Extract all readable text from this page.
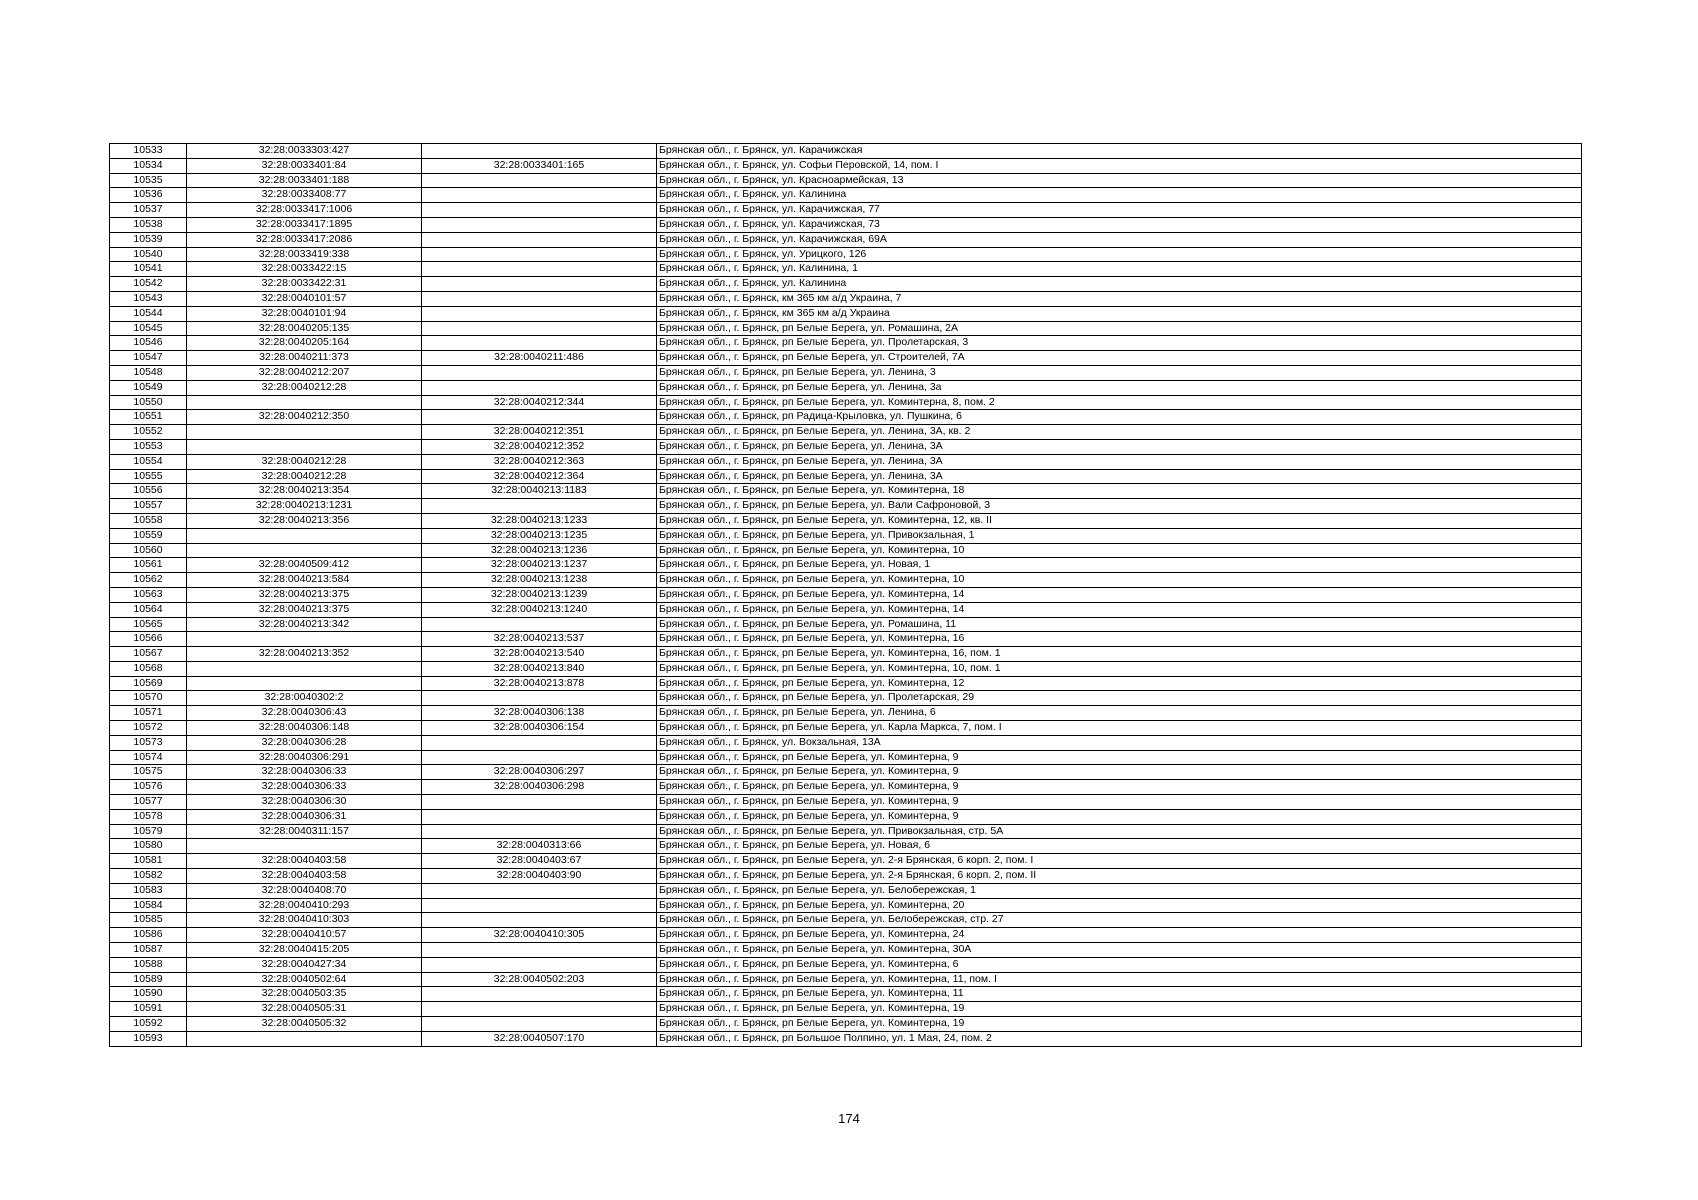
10533	32:28:0033303:427		Брянская обл., г. Брянск, ул. Карачижская
10534	32:28:0033401:84	32:28:0033401:165	Брянская обл., г. Брянск, ул. Софьи Перовской, 14, пом. I
10535	32:28:0033401:188		Брянская обл., г. Брянск, ул. Красноармейская, 13
10536	32:28:0033408:77		Брянская обл., г. Брянск, ул. Калинина
10537	32:28:0033417:1006		Брянская обл., г. Брянск, ул. Карачижская, 77
10538	32:28:0033417:1895		Брянская обл., г. Брянск, ул. Карачижская, 73
10539	32:28:0033417:2086		Брянская обл., г. Брянск, ул. Карачижская, 69А
10540	32:28:0033419:338		Брянская обл., г. Брянск, ул. Урицкого, 126
10541	32:28:0033422:15		Брянская обл., г. Брянск, ул. Калинина, 1
10542	32:28:0033422:31		Брянская обл., г. Брянск, ул. Калинина
10543	32:28:0040101:57		Брянская обл., г. Брянск, км 365 км а/д Украина, 7
10544	32:28:0040101:94		Брянская обл., г. Брянск, км 365 км а/д Украина
10545	32:28:0040205:135		Брянская обл., г. Брянск, рп Белые Берега, ул. Ромашина, 2А
10546	32:28:0040205:164		Брянская обл., г. Брянск, рп Белые Берега, ул. Пролетарская, 3
10547	32:28:0040211:373	32:28:0040211:486	Брянская обл., г. Брянск, рп Белые Берега, ул. Строителей, 7А
10548	32:28:0040212:207		Брянская обл., г. Брянск, рп Белые Берега, ул. Ленина, 3
10549	32:28:0040212:28		Брянская обл., г. Брянск, рп Белые Берега, ул. Ленина, 3а
10550		32:28:0040212:344	Брянская обл., г. Брянск, рп Белые Берега, ул. Коминтерна, 8, пом. 2
10551	32:28:0040212:350		Брянская обл., г. Брянск, рп Радица-Крыловка, ул. Пушкина, 6
10552		32:28:0040212:351	Брянская обл., г. Брянск, рп Белые Берега, ул. Ленина, 3А, кв. 2
10553		32:28:0040212:352	Брянская обл., г. Брянск, рп Белые Берега, ул. Ленина, 3А
10554	32:28:0040212:28	32:28:0040212:363	Брянская обл., г. Брянск, рп Белые Берега, ул. Ленина, 3А
10555	32:28:0040212:28	32:28:0040212:364	Брянская обл., г. Брянск, рп Белые Берега, ул. Ленина, 3А
10556	32:28:0040213:354	32:28:0040213:1183	Брянская обл., г. Брянск, рп Белые Берега, ул. Коминтерна, 18
10557	32:28:0040213:1231		Брянская обл., г. Брянск, рп Белые Берега, ул. Вали Сафроновой, 3
10558	32:28:0040213:356	32:28:0040213:1233	Брянская обл., г. Брянск, рп Белые Берега, ул. Коминтерна, 12, кв. II
10559		32:28:0040213:1235	Брянская обл., г. Брянск, рп Белые Берега, ул. Привокзальная, 1
10560		32:28:0040213:1236	Брянская обл., г. Брянск, рп Белые Берега, ул. Коминтерна, 10
10561	32:28:0040509:412	32:28:0040213:1237	Брянская обл., г. Брянск, рп Белые Берега, ул. Новая, 1
10562	32:28:0040213:584	32:28:0040213:1238	Брянская обл., г. Брянск, рп Белые Берега, ул. Коминтерна, 10
10563	32:28:0040213:375	32:28:0040213:1239	Брянская обл., г. Брянск, рп Белые Берега, ул. Коминтерна, 14
10564	32:28:0040213:375	32:28:0040213:1240	Брянская обл., г. Брянск, рп Белые Берега, ул. Коминтерна, 14
10565	32:28:0040213:342		Брянская обл., г. Брянск, рп Белые Берега, ул. Ромашина, 11
10566		32:28:0040213:537	Брянская обл., г. Брянск, рп Белые Берега, ул. Коминтерна, 16
10567	32:28:0040213:352	32:28:0040213:540	Брянская обл., г. Брянск, рп Белые Берега, ул. Коминтерна, 16, пом. 1
10568		32:28:0040213:840	Брянская обл., г. Брянск, рп Белые Берега, ул. Коминтерна, 10, пом. 1
10569		32:28:0040213:878	Брянская обл., г. Брянск, рп Белые Берега, ул. Коминтерна, 12
10570	32:28:0040302:2		Брянская обл., г. Брянск, рп Белые Берега, ул. Пролетарская, 29
10571	32:28:0040306:43	32:28:0040306:138	Брянская обл., г. Брянск, рп Белые Берега, ул. Ленина, 6
10572	32:28:0040306:148	32:28:0040306:154	Брянская обл., г. Брянск, рп Белые Берега, ул. Карла Маркса, 7, пом. I
10573	32:28:0040306:28		Брянская обл., г. Брянск, ул. Вокзальная, 13А
10574	32:28:0040306:291		Брянская обл., г. Брянск, рп Белые Берега, ул. Коминтерна, 9
10575	32:28:0040306:33	32:28:0040306:297	Брянская обл., г. Брянск, рп Белые Берега, ул. Коминтерна, 9
10576	32:28:0040306:33	32:28:0040306:298	Брянская обл., г. Брянск, рп Белые Берега, ул. Коминтерна, 9
10577	32:28:0040306:30		Брянская обл., г. Брянск, рп Белые Берега, ул. Коминтерна, 9
10578	32:28:0040306:31		Брянская обл., г. Брянск, рп Белые Берега, ул. Коминтерна, 9
10579	32:28:0040311:157		Брянская обл., г. Брянск, рп Белые Берега, ул. Привокзальная, стр. 5А
10580		32:28:0040313:66	Брянская обл., г. Брянск, рп Белые Берега, ул. Новая, 6
10581	32:28:0040403:58	32:28:0040403:67	Брянская обл., г. Брянск, рп Белые Берега, ул. 2-я Брянская, 6 корп. 2, пом. I
10582	32:28:0040403:58	32:28:0040403:90	Брянская обл., г. Брянск, рп Белые Берега, ул. 2-я Брянская, 6 корп. 2, пом. II
10583	32:28:0040408:70		Брянская обл., г. Брянск, рп Белые Берега, ул. Белобережская, 1
10584	32:28:0040410:293		Брянская обл., г. Брянск, рп Белые Берега, ул. Коминтерна, 20
10585	32:28:0040410:303		Брянская обл., г. Брянск, рп Белые Берега, ул. Белобережская, стр. 27
10586	32:28:0040410:57	32:28:0040410:305	Брянская обл., г. Брянск, рп Белые Берега, ул. Коминтерна, 24
10587	32:28:0040415:205		Брянская обл., г. Брянск, рп Белые Берега, ул. Коминтерна, 30А
10588	32:28:0040427:34		Брянская обл., г. Брянск, рп Белые Берега, ул. Коминтерна, 6
10589	32:28:0040502:64	32:28:0040502:203	Брянская обл., г. Брянск, рп Белые Берега, ул. Коминтерна, 11, пом. I
10590	32:28:0040503:35		Брянская обл., г. Брянск, рп Белые Берега, ул. Коминтерна, 11
10591	32:28:0040505:31		Брянская обл., г. Брянск, рп Белые Берега, ул. Коминтерна, 19
10592	32:28:0040505:32		Брянская обл., г. Брянск, рп Белые Берега, ул. Коминтерна, 19
10593		32:28:0040507:170	Брянская обл., г. Брянск, рп Большое Полпино, ул. 1 Мая, 24, пом. 2
174
